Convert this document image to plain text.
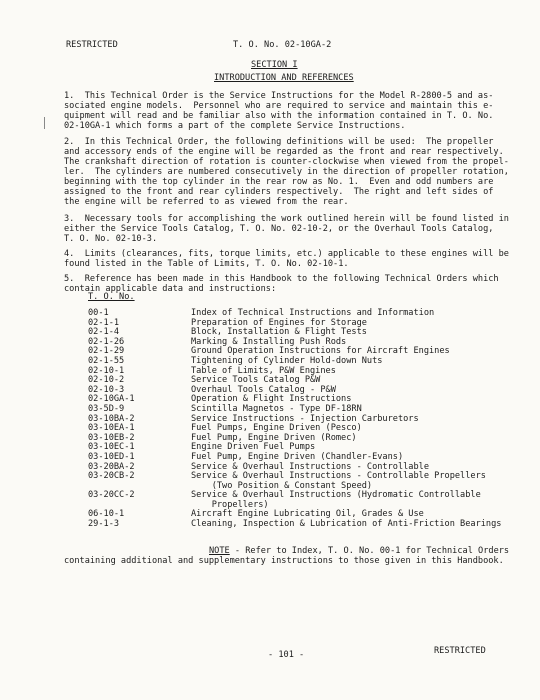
RESTRICTED	T. O. No. 02-10GA-2
SECTION I
INTRODUCTION AND REFERENCES
1.  This Technical Order is the Service Instructions for the Model R-2800-5 and as-
sociated engine models.  Personnel who are required to service and maintain this e-
quipment will read and be familiar also with the information contained in T. O. No.
02-10GA-1 which forms a part of the complete Service Instructions.
2.  In this Technical Order, the following definitions will be used:  The propeller
and accessory ends of the engine will be regarded as the front and rear respectively.
The crankshaft direction of rotation is counter-clockwise when viewed from the propel-
ler.  The cylinders are numbered consecutively in the direction of propeller rotation,
beginning with the top cylinder in the rear row as No. 1.  Even and odd numbers are
assigned to the front and rear cylinders respectively.  The right and left sides of
the engine will be referred to as viewed from the rear.
3.  Necessary tools for accomplishing the work outlined herein will be found listed in
either the Service Tools Catalog, T. O. No. 02-10-2, or the Overhaul Tools Catalog,
T. O. No. 02-10-3.
4.  Limits (clearances, fits, torque limits, etc.) applicable to these engines will be
found listed in the Table of Limits, T. O. No. 02-10-1.
5.  Reference has been made in this Handbook to the following Technical Orders which
contain applicable data and instructions:
T. O. No.
00-1	Index of Technical Instructions and Information
02-1-1	Preparation of Engines for Storage
02-1-4	Block, Installation & Flight Tests
02-1-26	Marking & Installing Push Rods
02-1-29	Ground Operation Instructions for Aircraft Engines
02-1-55	Tightening of Cylinder Hold-down Nuts
02-10-1	Table of Limits, P&W Engines
02-10-2	Service Tools Catalog P&W
02-10-3	Overhaul Tools Catalog - P&W
02-10GA-1	Operation & Flight Instructions
03-5D-9	Scintilla Magnetos - Type DF-18RN
03-10BA-2	Service Instructions - Injection Carburetors
03-10EA-1	Fuel Pumps, Engine Driven (Pesco)
03-10EB-2	Fuel Pump, Engine Driven (Romec)
03-10EC-1	Engine Driven Fuel Pumps
03-10ED-1	Fuel Pump, Engine Driven (Chandler-Evans)
03-20BA-2	Service & Overhaul Instructions - Controllable
03-20CB-2	Service & Overhaul Instructions - Controllable Propellers
(Two Position & Constant Speed)
03-20CC-2	Service & Overhaul Instructions (Hydromatic Controllable
Propellers)
06-10-1	Aircraft Engine Lubricating Oil, Grades & Use
29-1-3	Cleaning, Inspection & Lubrication of Anti-Friction Bearings
NOTE - Refer to Index, T. O. No. 00-1 for Technical Orders
containing additional and supplementary instructions to those given in this Handbook.
- 101 -	RESTRICTED
